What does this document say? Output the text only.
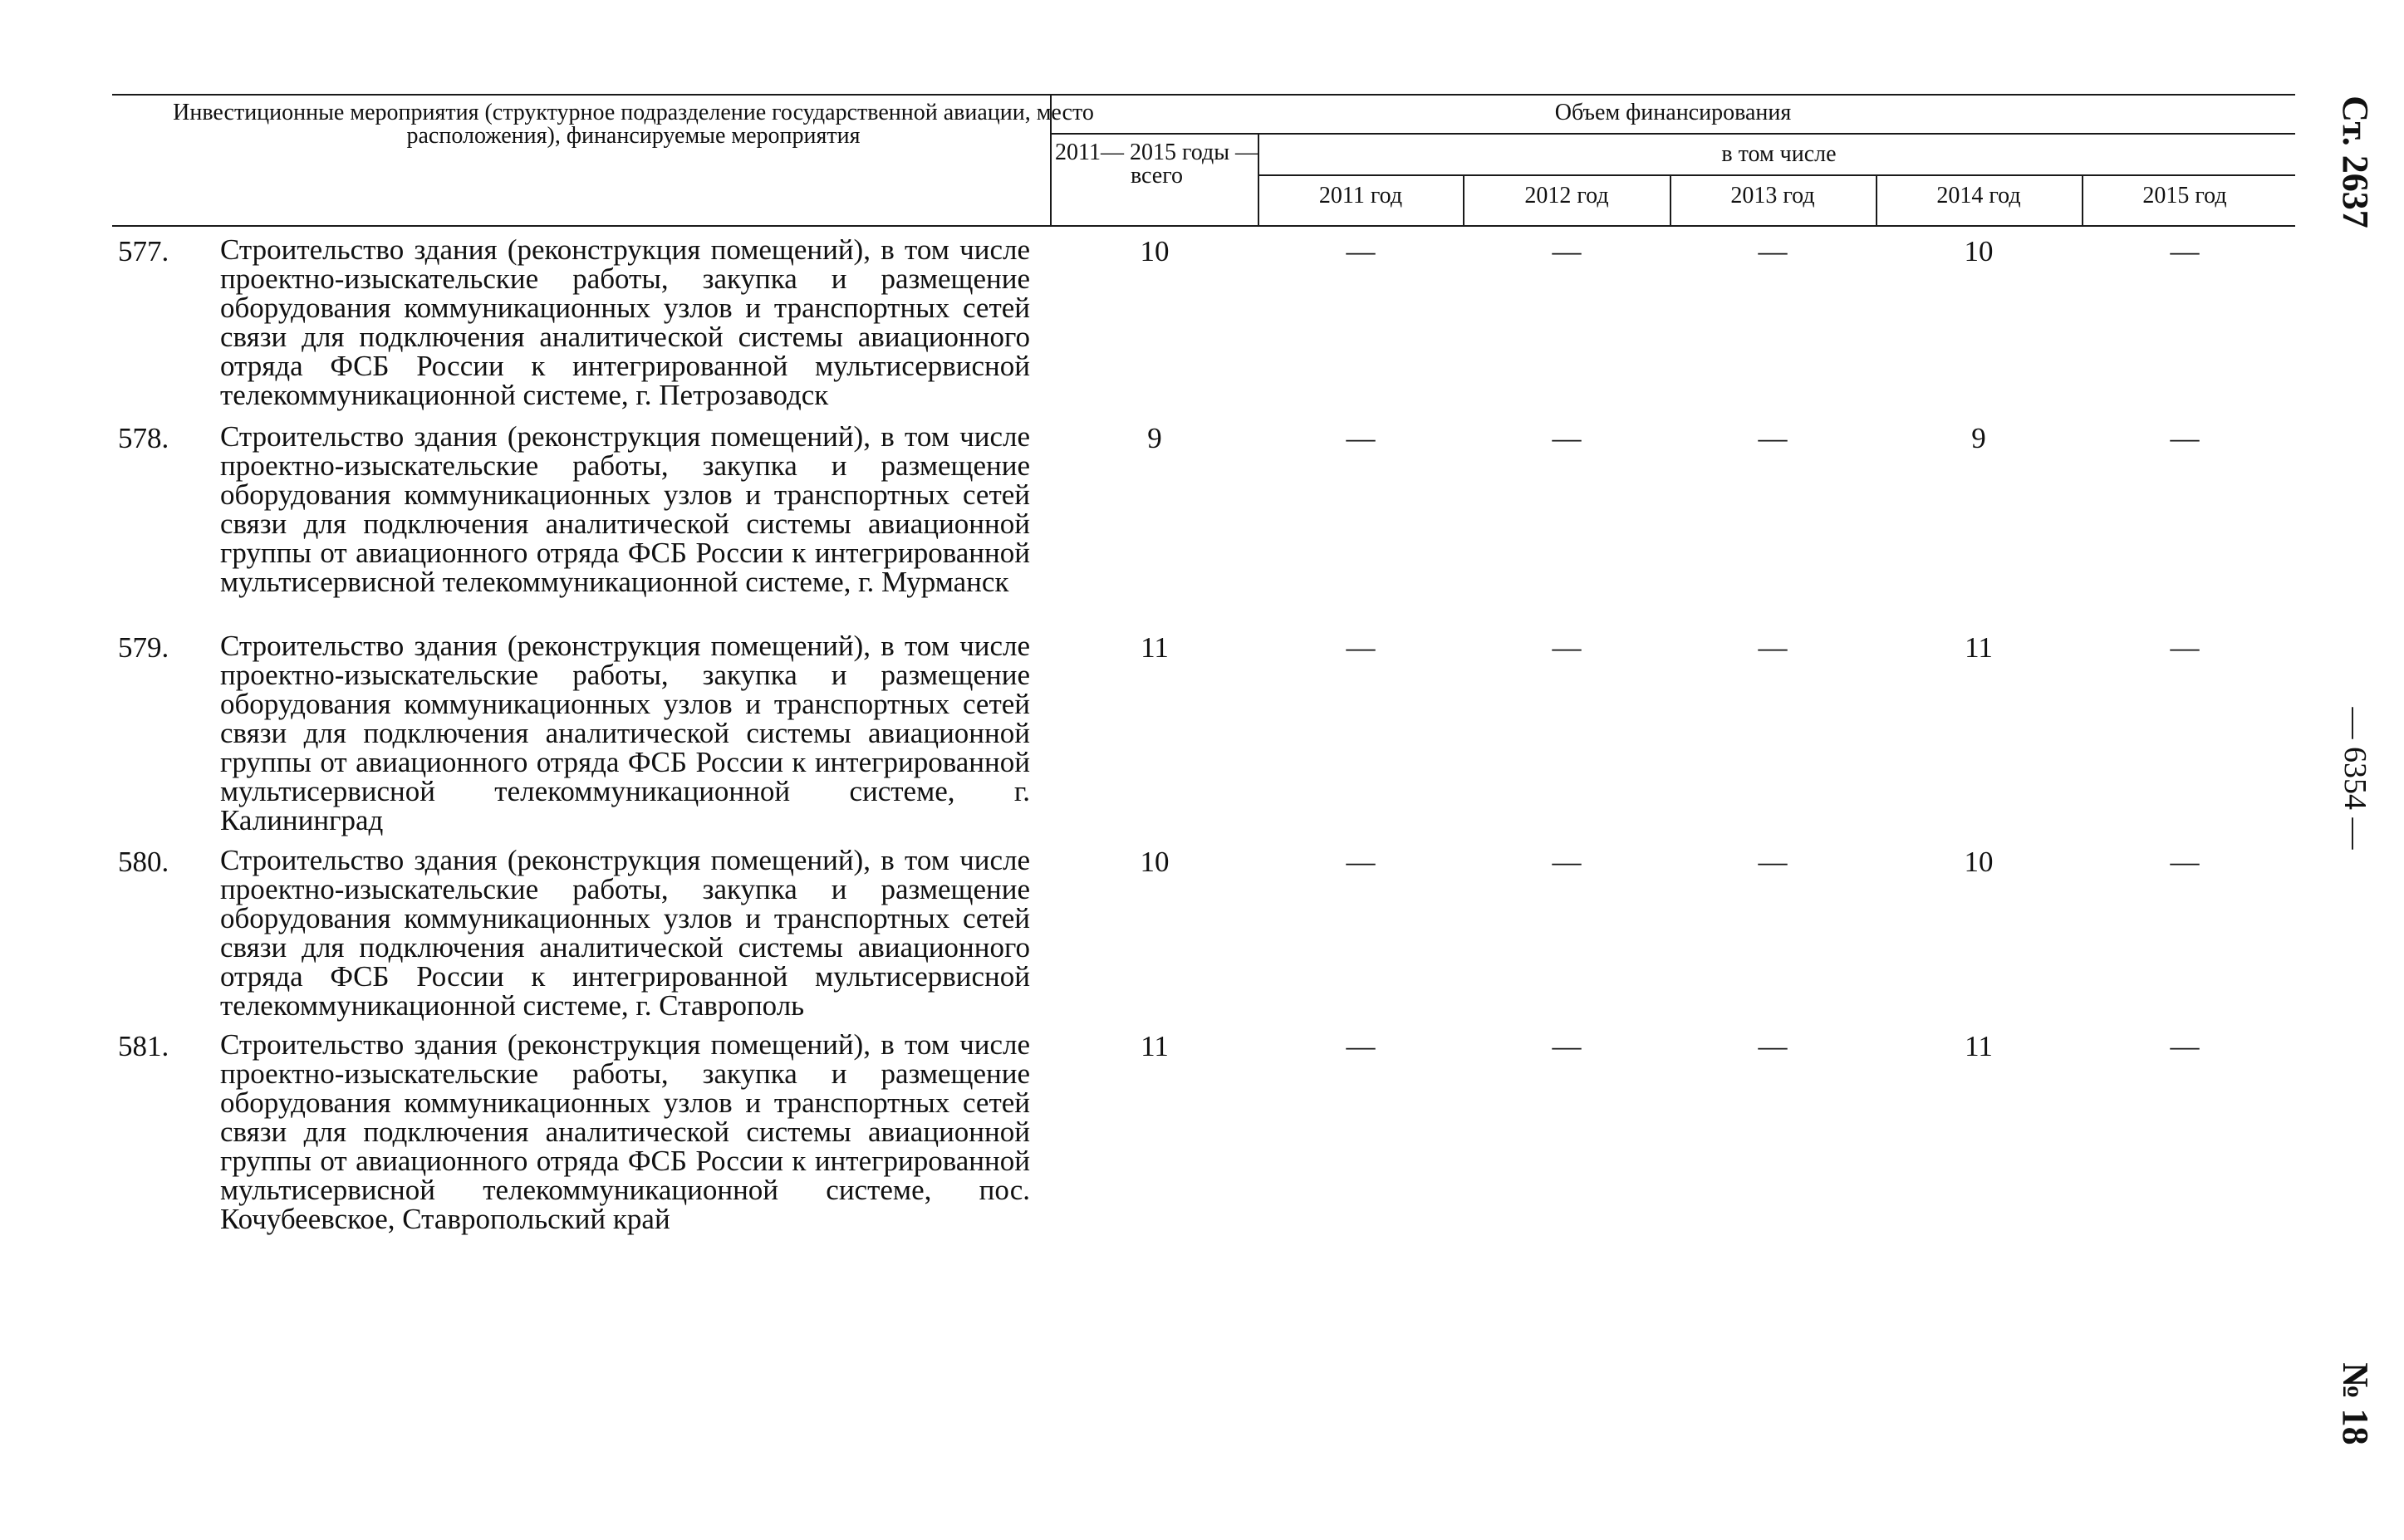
Инвестиционные мероприятия (структурное подразделение государственной авиации, место расположения), финансируемые мероприятия
Объем финансирования
2011— 2015 годы — всего
в том числе
2011 год	2012 год	2013 год	2014 год	2015 год
577. Строительство здания (реконструкция помещений), в том числе проектно-изыскательские работы, закупка и размещение оборудования коммуникационных узлов и транспортных сетей связи для подключения аналитической системы авиационного отряда ФСБ России к интегрированной мультисервисной телекоммуникационной системе, г. Петрозаводск
10	—	—	—	10	—
578. Строительство здания (реконструкция помещений), в том числе проектно-изыскательские работы, закупка и размещение оборудования коммуникационных узлов и транспортных сетей связи для подключения аналитической системы авиационной группы от авиационного отряда ФСБ России к интегрированной мультисервисной телекоммуникационной системе, г. Мурманск
9	—	—	—	9	—
579. Строительство здания (реконструкция помещений), в том числе проектно-изыскательские работы, закупка и размещение оборудования коммуникационных узлов и транспортных сетей связи для подключения аналитической системы авиационной группы от авиационного отряда ФСБ России к интегрированной мультисервисной телекоммуникационной системе, г. Калининград
11	—	—	—	11	—
580. Строительство здания (реконструкция помещений), в том числе проектно-изыскательские работы, закупка и размещение оборудования коммуникационных узлов и транспортных сетей связи для подключения аналитической системы авиационного отряда ФСБ России к интегрированной мультисервисной телекоммуникационной системе, г. Ставрополь
10	—	—	—	10	—
581. Строительство здания (реконструкция помещений), в том числе проектно-изыскательские работы, закупка и размещение оборудования коммуникационных узлов и транспортных сетей связи для подключения аналитической системы авиационной группы от авиационного отряда ФСБ России к интегрированной мультисервисной телекоммуникационной системе, пос. Кочубеевское, Ставропольский край
11	—	—	—	11	—
Ст. 2637
— 6354 —
№ 18
